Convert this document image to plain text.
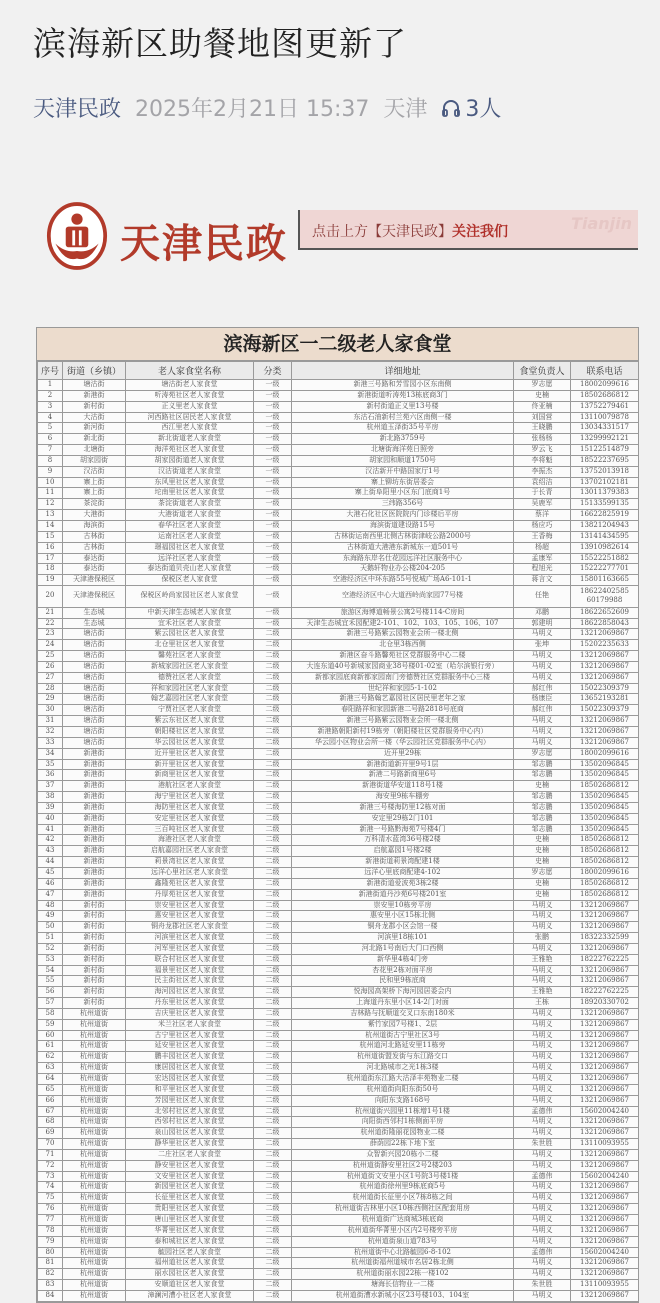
滨海新区助餐地图更新了
天津民政 2025年2月21日 15:37 天津 3人
天津民政 点击上方【天津民政】关注我们	Tianjin
滨海新区一二级老人家食堂
序号	街道（乡镇）	老人家食堂名称	分类	详细地址	食堂负责人	联系电话
1	塘沽街	塘沽街老人家食堂	一级	新港三号路和芳雪园小区东南侧	罗志愿	18002099616
2	新港街	听涛苑社区老人家食堂	一级	新港街道听涛苑13栋底商3门	史楠	18502686812
3	新村街	正义里老人家食堂	一级	新村街道正义里13号楼	佟亚楠	13752279461
4	大沽街	河西路社区居民老人家食堂	一级	东沽石油新村兰苑六区南侧一楼	刘国营	13110079878
5	新河街	西江里老人家食堂	一级	杭州道玉泽街35号平房	王晓鹏	13034331517
6	新北街	新北街道老人家食堂	一级	新北路3759号	张杨杨	13299992121
7	北塘街	海洋苑社区老人家食堂	一级	北塘街海洋苑日照旁	罗云飞	15122514879
8	胡家园街	胡家园街道老人家食堂	一级	胡家园和顺道1750号	李将魁	18522237695
9	汉沽街	汉沽街道老人家食堂	一级	汉沽新开中路国家厅1号	李振杰	13752013918
10	寨上街	东风里社区老人家食堂	一级	寨上铆坊东街居委会	袁绍洁	13702102181
11	寨上街	坨南里社区老人家食堂	一级	寨上街阜阳里小区东门底商1号	于长青	13011379383
12	茶淀街	茶淀街道老人家食堂	一级	三纬路356号	吴鹿军	15133599135
13	大港街	大港街道老人家食堂	一级	大港石化社区医院院内门诊楼后平房	蔡洋	16622825919
14	海滨街	春华社区老人家食堂	一级	海滨街道建设路15号	杨应巧	13821204943
15	古林街	运南社区老人家食堂	一级	古林街运南西里北侧古林街津岐公路2000号	王香梅	13141434595
16	古林街	璟福园社区老人家食堂	一级	古林街道大港港东新城东一道501号	杨超	13910982614
17	泰达街	远洋社区老人家食堂	一级	东海路东岸名仕花园远洋社区服务中心	孟康军	15522251882
18	泰达街	泰达街道贝壳山老人家食堂	一级	天鹅轩物业办公楼204-205	程旭光	15222277701
19	天津港保税区	保税区老人家食堂	一级	空港经济区中环东路55号悦城广场A6-101-1	蒋言文	15801163665
20	天津港保税区	保税区岭尚家园社区老人家食堂	一级	空港经济区中心大道西岭尚家园77号楼	任艳	18622402585 60179988
21	生态城	中新天津生态城老人家食堂	一级	旅游区海博道畅景公寓2号楼114-C房间	邓鹏	18622652609
22	生态城	宜禾社区老人家食堂	一级	天津生态城宜禾园配建2-101、102、103、105、106、107	郭建明	18622858043
23	塘沽街	紫云园社区老人家食堂	二级	新港三号路紫云园物业会所一楼北侧	马明义	13212069867
24	塘沽街	北仓里社区老人家食堂	二级	北仓里3栋西侧	张坤	15202235633
25	塘沽街	馨苑社区老人家食堂	二级	新港区奋斗路馨苑社区党群服务中心二楼	马明义	13212069867
26	塘沽街	新城家园社区老人家食堂	二级	大连东道40号新城家园商业38号楼01-02室（哈尔滨银行旁）	马明义	13212069867
27	塘沽街	德赞社区老人家食堂	二级	新都家园底商新都家园南门旁德赞社区党群服务中心三楼	马明义	13212069867
28	塘沽街	祥和家园社区老人家食堂	二级	世纪祥和家园5-1-102	郝红伟	15022309379
29	塘沽街	翰艺嘉园社区老人家食堂	二级	新港三号路翰艺嘉园社区居民里老年之家	杨康臣	13652193281
30	塘沽街	宁贾社区老人家食堂	二级	春阳路祥和家园新港二号路2818号底商	郝红伟	15022309379
31	塘沽街	紫云东社区老人家食堂	二级	新港三号路紫云园物业会所一楼北侧	马明义	13212069867
32	塘沽街	朝阳楼社区老人家食堂	二级	新港路朝阳新村19栋旁（朝阳楼社区党群服务中心内）	马明义	13212069867
33	塘沽街	华云园社区老人家食堂	二级	华云园小区物业会所一楼（华云园社区党群服务中心内）	马明义	13212069867
34	新港街	近开里社区老人家食堂	二级	近开里29栋	罗志愿	18002099616
35	新港街	新开里社区老人家食堂	二级	新港街道新开里9号1层	邹志鹏	13502096845
36	新港街	新商里社区老人家食堂	二级	新港二号路新商里6号	邹志鹏	13502096845
37	新港街	港航社区老人家食堂	二级	新港街道华安道118号1楼	史楠	18502686812
38	新港街	海宁里社区老人家食堂	二级	海安里9栋车棚旁	邹志鹏	13502096845
39	新港街	海防里社区老人家食堂	二级	新港三号楼海防里12栋对面	邹志鹏	13502096845
40	新港街	安定里社区老人家食堂	二级	安定里29栋2门101	邹志鹏	13502096845
41	新港街	三百吨社区老人家食堂	二级	新港一号路黔海苑7号楼4门	邹志鹏	13502096845
42	新港街	海港社区老人家食堂	二级	万科清水蓝湾36号楼2楼	史楠	18502686812
43	新港街	启航嘉园社区老人家食堂	二级	启航嘉园1号楼2楼	史楠	18502686812
44	新港街	莉景湾社区老人家食堂	二级	新港街道莉景湾配建1楼	史楠	18502686812
45	新港街	远洋心里社区老人家食堂	二级	远洋心里底商配建4-102	罗志愿	18002099616
46	新港街	鑫隆苑社区老人家食堂	二级	新港街道爱波苑3栋2楼	史楠	18502686812
47	新港街	丹厚苑社区老人家食堂	二级	新港街道丹沙苑6号楼201室	史楠	18502686812
48	新村街	崇安里社区老人家食堂	二级	崇安里10栋旁平房	马明义	13212069867
49	新村街	惠安里社区老人家食堂	二级	惠安里小区15栋北侧	马明义	13212069867
50	新村街	铜舟龙郡社区老人家食堂	二级	铜舟龙郡小区会馆一楼	马明义	13212069867
51	新村街	河滨里社区老人家食堂	二级	河滨里18栋101	张鹏	18322332599
52	新村街	河军里社区老人家食堂	二级	河北路1号南后大门口西侧	马明义	13212069867
53	新村街	联合村社区老人家食堂	二级	新华里4栋4门旁	王雅艳	18222762225
54	新村街	福景里社区老人家食堂	二级	杏花里2栋对面平房	马明义	13212069867
55	新村街	民主街社区老人家食堂	二级	民和里9栋底商	马明义	13212069867
56	新村街	海河园社区老人家食堂	二级	悦海园高架桥下海河园居委会内	王雅艳	18222762225
57	新村街	丹东里社区老人家食堂	二级	上海道丹东里小区14-2门对面	王栋	18920330702
58	杭州道街	吉庆里社区老人家食堂	二级	吉林路与抚顺道交叉口东南180米	马明义	13212069867
59	杭州道街	米兰社区老人家食堂	二级	紫竹家园7号楼1、2层	马明义	13212069867
60	杭州道街	古宁里社区老人家食堂	二级	杭州道街古宁里社区3号	马明义	13212069867
61	杭州道街	延安里社区老人家食堂	二级	杭州道河北路延安里11栋旁	马明义	13212069867
62	杭州道街	鹏丰园社区老人家食堂	二级	杭州道街盟发街与东江路交口	马明义	13212069867
63	杭州道街	康居园社区老人家食堂	二级	河北路城市之光1栋3楼	马明义	13212069867
64	杭州道街	宏达园社区老人家食堂	二级	杭州道街东江路大沽泽丰苑物业二楼	马明义	13212069867
65	杭州道街	和平里社区老人家食堂	二级	杭州道街向阳东街50号	马明义	13212069867
66	杭州道街	芳园里社区老人家食堂	二级	向阳东支路168号	马明义	13212069867
67	杭州道街	北邻村社区老人家食堂	二级	杭州道街兴园里11栋增1号1楼	孟德伟	15602004240
68	杭州道街	西邻村社区老人家食堂	二级	向阳街西邻村1栋侧面平房	马明义	13212069867
69	杭州道街	泉山园社区老人家食堂	二级	杭州道街隆丽花园物业二楼	马明义	13212069867
70	杭州道街	静华里社区老人家食堂	二级	薛荫园22栋下地下室	朱世胜	13110093955
71	杭州道街	二庄社区老人家食堂	二级	众智新兴园20栋小二楼	马明义	13212069867
72	杭州道街	静安里社区老人家食堂	二级	杭州道街静安里社区2号2楼203	马明义	13212069867
73	杭州道街	文安里社区老人家食堂	二级	杭州道街文安里小区1号院3号楼1楼	孟德伟	15602004240
74	杭州道街	新园里社区老人家食堂	二级	杭州道街徐州里9栋底商5号	马明义	13212069867
75	杭州道街	长征里社区老人家食堂	二级	杭州道街长征里小区7栋8栋之间	马明义	13212069867
76	杭州道街	贵阳里社区老人家食堂	二级	杭州道街吉林里小区10栋西侧社区配套用房	马明义	13212069867
77	杭州道街	唐山里社区老人家食堂	二级	杭州道街广达商城3栋底商	马明义	13212069867
78	杭州道街	华菁里社区老人家食堂	二级	杭州道街华菁里小区内2号楼旁平房	马明义	13212069867
79	杭州道街	泰和城社区老人家食堂	二级	杭州道街泉山道783号	马明义	13212069867
80	杭州道街	毓园社区老人家食堂	二级	杭州道街中心北路毓园6-8-102	孟德伟	15602004240
81	杭州道街	福州道社区老人家食堂	二级	杭州道街福州道城市名居2栋北侧	马明义	13212069867
82	杭州道街	丽水园社区老人家食堂	二级	杭州道街丽水园22栋一楼102	马明义	13212069867
83	杭州道街	安顺道社区老人家食堂	二级	塘海长信物业一二楼	朱世胜	13110093955
84	杭州道街	漳澜河漕小社区老人家食堂	二级	杭州道街漕水新城小区23号楼103、104室	马明义	13212069867
